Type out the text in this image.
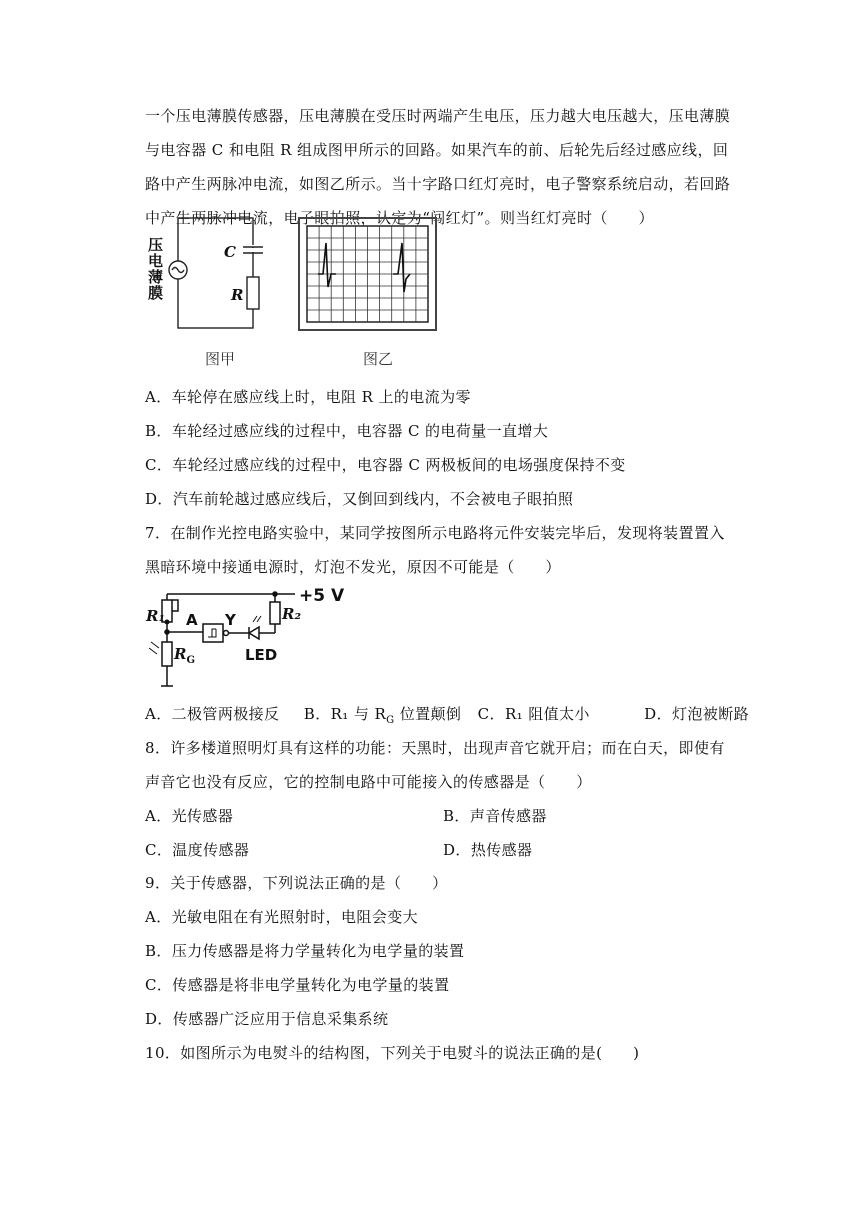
一个压电薄膜传感器，压电薄膜在受压时两端产生电压，压力越大电压越大，压电薄膜
与电容器 C 和电阻 R 组成图甲所示的回路。如果汽车的前、后轮先后经过感应线，回
路中产生两脉冲电流，如图乙所示。当十字路口红灯亮时，电子警察系统启动，若回路
中产生两脉冲电流，电子眼拍照，认定为“闯红灯”。则当红灯亮时（　　）
压电薄膜
C
R
图甲	图乙
A．车轮停在感应线上时，电阻 R 上的电流为零
B．车轮经过感应线的过程中，电容器 C 的电荷量一直增大
C．车轮经过感应线的过程中，电容器 C 两极板间的电场强度保持不变
D．汽车前轮越过感应线后，又倒回到线内，不会被电子眼拍照
7．在制作光控电路实验中，某同学按图所示电路将元件安装完毕后，发现将装置置入
黑暗环境中接通电源时，灯泡不发光，原因不可能是（　　）
+5 V
R₁ A Y	R₂
$R_G$	LED
A．二极管两极接反 B．R₁ 与 $R_G$ 位置颠倒 C．R₁ 阻值太小	D．灯泡被断路
8．许多楼道照明灯具有这样的功能：天黑时，出现声音它就开启；而在白天，即使有
声音它也没有反应，它的控制电路中可能接入的传感器是（　　）
A．光传感器	B．声音传感器
C．温度传感器	D．热传感器
9．关于传感器，下列说法正确的是（　　）
A．光敏电阻在有光照射时，电阻会变大
B．压力传感器是将力学量转化为电学量的装置
C．传感器是将非电学量转化为电学量的装置
D．传感器广泛应用于信息采集系统
10．如图所示为电熨斗的结构图，下列关于电熨斗的说法正确的是(　　)
